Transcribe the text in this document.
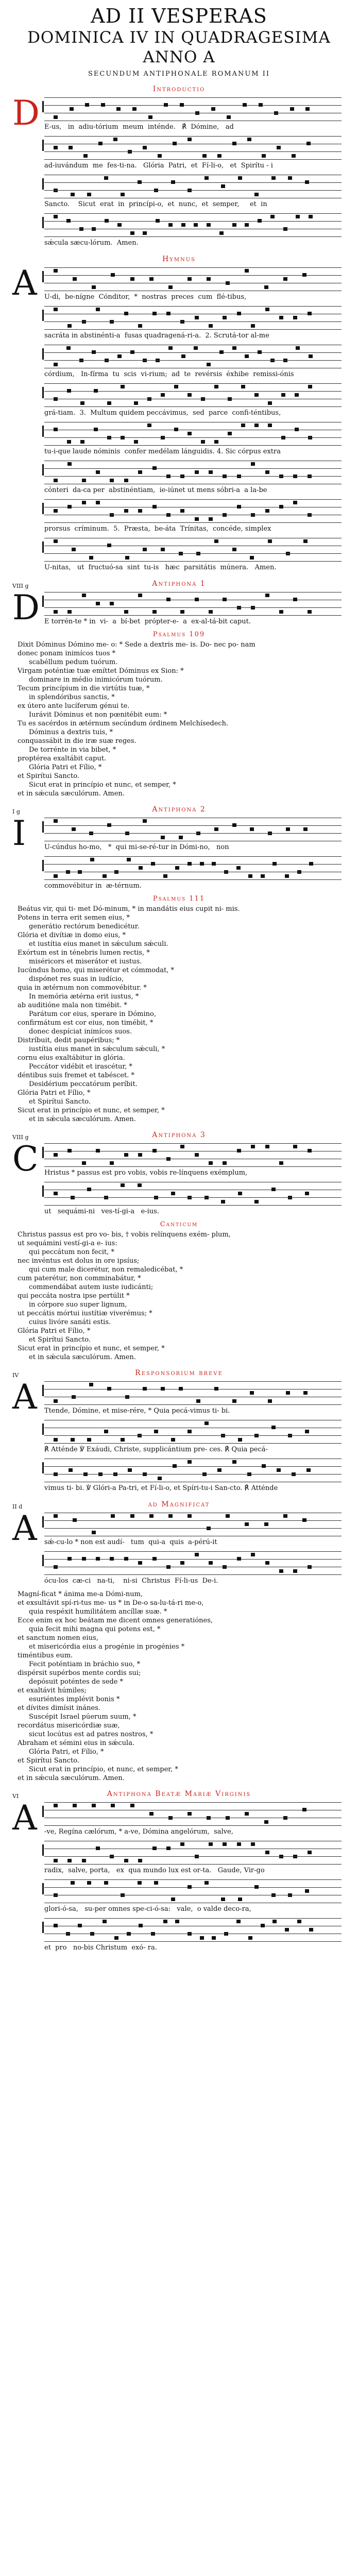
AD II VESPERAS
DOMINICA IV IN QUADRAGESIMA
ANNO A
SECUNDUM ANTIPHONALE ROMANUM II
Introductio
D E-us,   in  adiu-tórium  meum  inténde.   ℟  Dómine,   ad
ad-iuvándum  me  fes-ti-na.   Glória  Patri,  et  Fí-li-o,   et  Spirítu - i
Sancto.    Sicut  erat  in  princípi-o,  et  nunc,  et  semper,     et  in
sǽcula sæcu-lórum.  Amen.
Hymnus
A U-di,  be-nígne  Cónditor,  *  nostras  preces  cum  flé-tibus,
sacráta in abstinénti-a  fusas quadragená-ri-a.  2. Scrutá-tor al-me
córdium,   In-fírma  tu  scis  vi-rium;  ad  te  revérsis  éxhibe  remissi-ónis
grá-tiam.  3.  Multum quidem peccávimus,  sed  parce  confi-téntibus,
tu-i-que laude nóminis  confer medélam lánguidis. 4. Sic córpus extra
cónteri  da-ca per  abstinéntiam,  ie-iúnet ut mens sóbri-a  a la-be
prorsus  críminum.  5.  Præsta,  be-áta  Trínitas,  concéde, simplex
U-nitas,   ut  fructuó-sa  sint  tu-is   hæc  parsitátis  múnera.   Amen.
Antiphona 1
VIII g
D E torrén-te * in  vi-  a  bí-bet  própter-e-  a  ex-al-tá-bit caput.
Psalmus 109
Dixit Dóminus Dómino me- o: * Sede a dextris me- is. Do- nec po- nam
donec ponam inimícos tuos *
scabéllum pedum tuórum.
Virgam poténtiæ tuæ emíttet Dóminus ex Sion: *
dominare in médio inimicórum tuórum.
Tecum princípium in die virtútis tuæ, *
in splendóribus sanctis, *
ex útero ante lucíferum génui te.
Iurávit Dóminus et non pœnitébit eum: *
Tu es sacérdos in ætérnum secúndum órdinem Melchísedech.
Dóminus a dextris tuis, *
conquassábit in die iræ suæ reges.
De torrénte in via bibet, *
proptérea exaltábit caput.
Glória Patri et Fílio, *
et Spirítui Sancto.
Sicut erat in princípio et nunc, et semper, *
et in sǽcula sæculórum. Amen.
Antiphona 2
I g
I	U-cúndus ho-mo,   *  qui mi-se-ré-tur in Dómi-no,   non
commovébitur in  æ-térnum.
Psalmus 111
Beátus vir, qui ti- met Dó-minum, * in mandátis eius cupit ni- mis.
Potens in terra erit semen eius, *
generátio rectórum benedicétur.
Glória et divítiæ in domo eius, *
et iustítia eius manet in sǽculum sǽculi.
Exórtum est in ténebris lumen rectis, *
miséricors et miserátor et iustus.
Iucúndus homo, qui miserétur et cómmodat, *
dispónet res suas in iudício,
quia in ætérnum non commovébitur. *
In memória ætérna erit iustus, *
ab auditióne mala non timébit. *
Parátum cor eius, sperare in Dómino,
confirmátum est cor eius, non timébit, *
donec despíciat inimícos suos.
Distríbuit, dedit paupéribus; *
iustítia eius manet in sǽculum sǽculi, *
cornu eius exaltábitur in glória.
Peccátor vidébit et irascétur, *
déntibus suis fremet et tabéscet. *
Desidérium peccatórum períbit.
Glória Patri et Fílio, *
et Spirítui Sancto.
Sicut erat in princípio et nunc, et semper, *
et in sǽcula sæculórum. Amen.
Antiphona 3
VIII g
C Hristus * passus est pro vobis, vobis re-línquens exémplum,
ut   sequámi-ni   ves-tí-gi-a   e-ius.
Canticum
Christus passus est pro vo- bis, † vobis relínquens exém- plum,
ut sequámini vestí-gi-a e- ius:
qui peccátum non fecit, *
nec invéntus est dolus in ore ipsíus;
qui cum male dicerétur, non remaledicébat, *
cum paterétur, non comminabátur, *
commendábat autem iuste iudicánti;
qui peccáta nostra ipse pertúlit *
in córpore suo super lignum,
ut peccátis mórtui iustítiæ viverémus; *
cuius livóre sanáti estis.
Glória Patri et Fílio, *
et Spirítui Sancto.
Sicut erat in princípio et nunc, et semper, *
et in sǽcula sæculórum. Amen.
Responsorium breve
IV
A Ttende, Dómine, et mise-rére, * Quia pecá-vimus ti- bi.
℟ Atténde ℣ Exáudi, Christe, supplicántium pre- ces. ℟ Quia pecá-
vimus ti- bi. ℣ Glóri-a Pa-tri, et Fí-li-o, et Spíri-tu-i San-cto. ℟ Atténde
ad Magnificat
II d
A sǽ-cu-lo * non est audí-   tum  qui-a  quis  a-pérú-it
ócu-los  cæ-ci   na-ti,    ni-si  Christus  Fí-li-us  De-i.
Magní-ficat * ánima me-a Dómi-num,
et exsultávit spí-ri-tus me- us * in De-o sa-lu-tá-ri me-o,
quia respéxit humilitátem ancíllæ suæ. *
Ecce enim ex hoc beátam me dicent omnes generatiónes,
quia fecit mihi magna qui potens est, *
et sanctum nomen eius,
et misericórdia eius a progénie in progénies *
timéntibus eum.
Fecit poténtiam in bráchio suo, *
dispérsit supérbos mente cordis sui;
depósuit poténtes de sede *
et exaltávit húmiles;
esuriéntes implévit bonis *
et dívites dimísit inánes.
Suscépit Israel púerum suum, *
recordátus misericórdiæ suæ,
sicut locútus est ad patres nostros, *
Abraham et sémini eius in sǽcula.
Glória Patri, et Fílio, *
et Spirítui Sancto.
Sicut erat in princípio, et nunc, et semper, *
et in sǽcula sæculórum. Amen.
Antiphona Beatæ Mariæ Virginis
VI
A -ve, Regína cælórum, * a-ve, Dómina angelórum,  salve,
radix,  salve, porta,   ex  qua mundo lux est or-ta.   Gaude, Vir-go
glori-ó-sa,   su-per omnes spe-ci-ó-sa:   vale,  o valde deco-ra,
et  pro   no-bis Christum  exó- ra.
